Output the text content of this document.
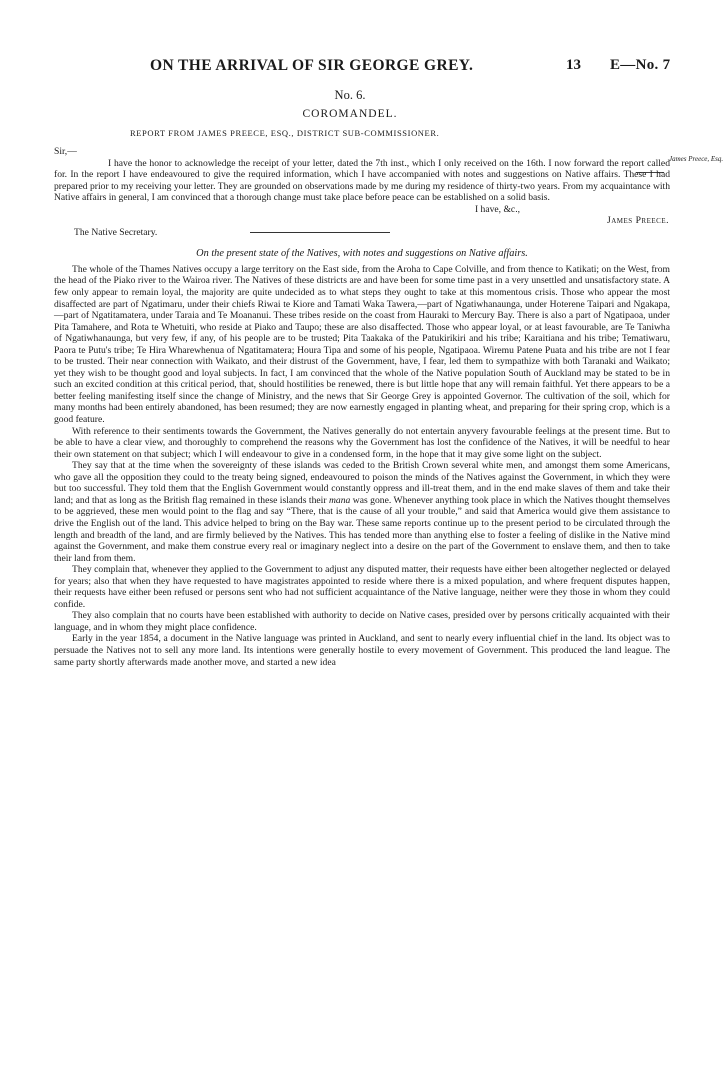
ON THE ARRIVAL OF SIR GEORGE GREY.	13 E—No. 7
No. 6.
COROMANDEL.
REPORT FROM JAMES PREECE, ESQ., DISTRICT SUB-COMMISSIONER.
James Preece, Esq.

Sir,—

I have the honor to acknowledge the receipt of your letter, dated the 7th inst., which I only received on the 16th. I now forward the report called for. In the report I have endeavoured to give the required information, which I have accompanied with notes and suggestions on Native affairs. These I had prepared prior to my receiving your letter. They are grounded on observations made by me during my residence of thirty-two years. From my acquaintance with Native affairs in general, I am convinced that a thorough change must take place before peace can be established on a solid basis.

I have, &c.,

James Preece.

The Native Secretary.

On the present state of the Natives, with notes and suggestions on Native affairs.

The whole of the Thames Natives occupy a large territory on the East side, from the Aroha to Cape Colville, and from thence to Katikati; on the West, from the head of the Piako river to the Wairoa river. The Natives of these districts are and have been for some time past in a very unsettled and unsatisfactory state. A few only appear to remain loyal, the majority are quite undecided as to what steps they ought to take at this momentous crisis. Those who appear the most disaffected are part of Ngatimaru, under their chiefs Riwai te Kiore and Tamati Waka Tawera,—part of Ngatiwhanaunga, under Hoterene Taipari and Ngakapa,—part of Ngatitamatera, under Taraia and Te Moananui. These tribes reside on the coast from Hauraki to Mercury Bay. There is also a part of Ngatipaoa, under Pita Tamahere, and Rota te Whetuiti, who reside at Piako and Taupo; these are also disaffected. Those who appear loyal, or at least favourable, are Te Taniwha of Ngatiwhanaunga, but very few, if any, of his people are to be trusted; Pita Taakaka of the Patukirikiri and his tribe; Karaitiana and his tribe; Tematiwaru, Paora te Putu's tribe; Te Hira Wharewhenua of Ngatitamatera; Houra Tipa and some of his people, Ngatipaoa. Wiremu Patene Puata and his tribe are not I fear to be trusted. Their near connection with Waikato, and their distrust of the Government, have, I fear, led them to sympathize with both Taranaki and Waikato; yet they wish to be thought good and loyal subjects. In fact, I am convinced that the whole of the Native population South of Auckland may be stated to be in such an excited condition at this critical period, that, should hostilities be renewed, there is but little hope that any will remain faithful. Yet there appears to be a better feeling manifesting itself since the change of Ministry, and the news that Sir George Grey is appointed Governor. The cultivation of the soil, which for many months had been entirely abandoned, has been resumed; they are now earnestly engaged in planting wheat, and preparing for their spring crop, which is a good feature.

With reference to their sentiments towards the Government, the Natives generally do not entertain anyvery favourable feelings at the present time. But to be able to have a clear view, and thoroughly to comprehend the reasons why the Government has lost the confidence of the Natives, it will be needful to hear their own statement on that subject; which I will endeavour to give in a condensed form, in the hope that it may give some light on the subject.

They say that at the time when the sovereignty of these islands was ceded to the British Crown several white men, and amongst them some Americans, who gave all the opposition they could to the treaty being signed, endeavoured to poison the minds of the Natives against the Government, in which they were but too successful. They told them that the English Government would constantly oppress and ill-treat them, and in the end make slaves of them and take their land; and that as long as the British flag remained in these islands their mana was gone. Whenever anything took place in which the Natives thought themselves to be aggrieved, these men would point to the flag and say “There, that is the cause of all your trouble,” and said that America would give them assistance to drive the English out of the land. This advice helped to bring on the Bay war. These same reports continue up to the present period to be circulated through the length and breadth of the land, and are firmly believed by the Natives. This has tended more than anything else to foster a feeling of dislike in the Native mind against the Government, and make them construe every real or imaginary neglect into a desire on the part of the Government to enslave them, and then to take their land from them.

They complain that, whenever they applied to the Government to adjust any disputed matter, their requests have either been altogether neglected or delayed for years; also that when they have requested to have magistrates appointed to reside where there is a mixed population, and where frequent disputes happen, their requests have either been refused or persons sent who had not sufficient acquaintance of the Native language, neither were they those in whom they could confide.

They also complain that no courts have been established with authority to decide on Native cases, presided over by persons critically acquainted with their language, and in whom they might place confidence.

Early in the year 1854, a document in the Native language was printed in Auckland, and sent to nearly every influential chief in the land. Its object was to persuade the Natives not to sell any more land. Its intentions were generally hostile to every movement of Government. This produced the land league. The same party shortly afterwards made another move, and started a new idea
